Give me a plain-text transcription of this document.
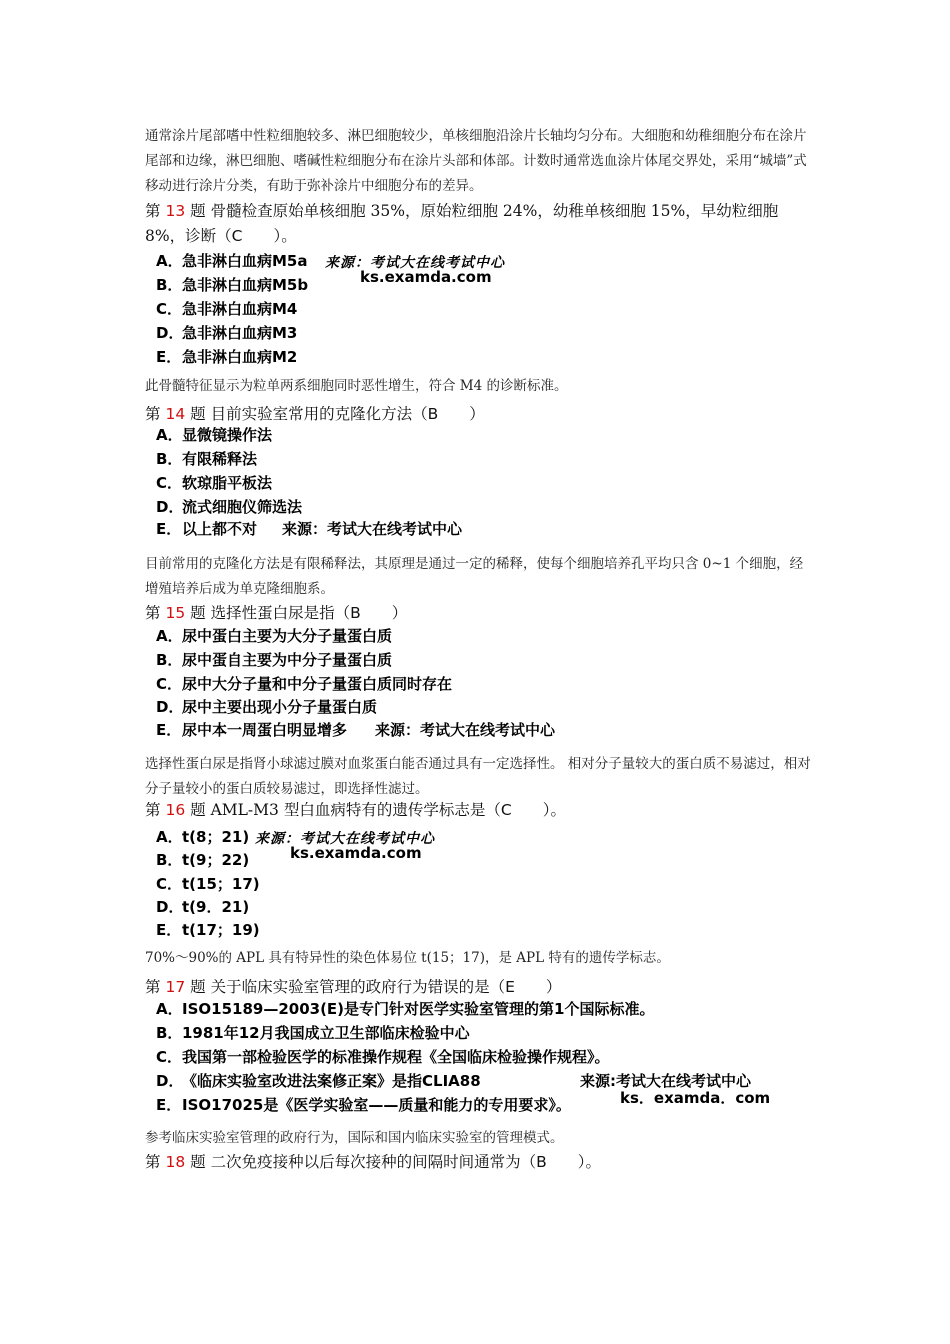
通常涂片尾部嗜中性粒细胞较多、淋巴细胞较少，单核细胞沿涂片长轴均匀分布。大细胞和幼稚细胞分布在涂片尾部和边缘，淋巴细胞、嗜碱性粒细胞分布在涂片头部和体部。计数时通常选血涂片体尾交界处，采用“城墙”式移动进行涂片分类，有助于弥补涂片中细胞分布的差异。
第 13 题 骨髓检查原始单核细胞 35%，原始粒细胞 24%，幼稚单核细胞 15%，早幼粒细胞8%，诊断（C　　 ）。
A．急非淋白血病M5a
B．急非淋白血病M5b
C．急非淋白血病M4
D．急非淋白血病M3
E．急非淋白血病M2
来源：考试大在线考试中心
ks.examda.com
此骨髓特征显示为粒单两系细胞同时恶性增生，符合 M4 的诊断标准。
第 14 题 目前实验室常用的克隆化方法（B　　 ）
A．显微镜操作法
B．有限稀释法
C．软琼脂平板法
D．流式细胞仪筛选法
E．以上都不对 来源：考试大在线考试中心
目前常用的克隆化方法是有限稀释法，其原理是通过一定的稀释，使每个细胞培养孔平均只含 0~1 个细胞，经增殖培养后成为单克隆细胞系。
第 15 题 选择性蛋白尿是指（B　　 ）
A．尿中蛋白主要为大分子量蛋白质
B．尿中蛋自主要为中分子量蛋白质
C．尿中大分子量和中分子量蛋白质同时存在
D．尿中主要出现小分子量蛋白质
E．尿中本一周蛋白明显增多 来源：考试大在线考试中心
选择性蛋白尿是指肾小球滤过膜对血浆蛋白能否通过具有一定选择性。 相对分子量较大的蛋白质不易滤过，相对分子量较小的蛋白质较易滤过，即选择性滤过。
第 16 题 AML-M3 型白血病特有的遗传学标志是（C　　 ）。
A．t(8；21)
B．t(9；22)
C．t(15；17)
D．t(9．21)
E．t(17；19)
来源：考试大在线考试中心
ks.examda.com
70%～90%的 APL 具有特异性的染色体易位 t(15；17)，是 APL 特有的遗传学标志。
第 17 题 关于临床实验室管理的政府行为错误的是（E　　 ）
A．ISO15189—2003(E)是专门针对医学实验室管理的第1个国际标准。
B．1981年12月我国成立卫生部临床检验中心
C．我国第一部检验医学的标准操作规程《全国临床检验操作规程》。
D．《临床实验室改进法案修正案》是指CLIA88
E．ISO17025是《医学实验室——质量和能力的专用要求》。
来源:考试大在线考试中心
ks．examda．com
参考临床实验室管理的政府行为，国际和国内临床实验室的管理模式。
第 18 题 二次免疫接种以后每次接种的间隔时间通常为（B　　 ）。
